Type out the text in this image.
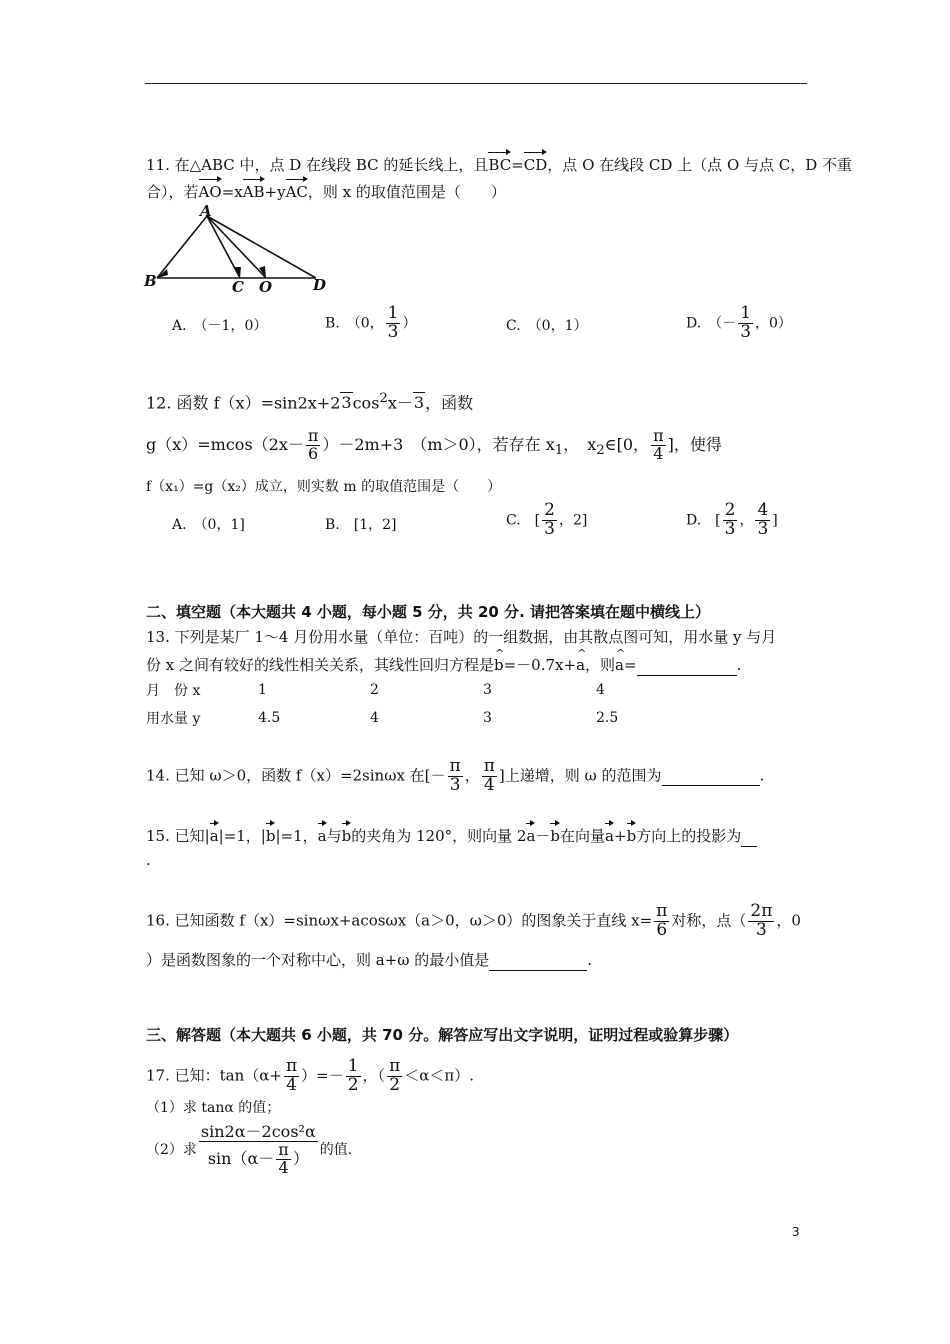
11. 在△ABC 中，点 D 在线段 BC 的延长线上，且BC=CD，点 O 在线段 CD 上（点 O 与点 C，D 不重
合），若AO=xAB+yAC，则 x 的取值范围是（　　）
A
B	C O	D
A.　（－1，0）	B.　（0， $\frac{1}{3}$ ）	C.　（0，1）	D.　（－ $\frac{1}{3}$ ，0）
12. 函数 $f(x)=\sin 2x+23\cos^2x-3$，函数
$g(x)=mcos(2x- \frac{\pi}{6} )-2m+3$　（m＞0），若存在 $x_1$，　$x_2\in[0$， $\frac{\pi}{4}$ ]，使得
f（x₁）=g（x₂）成立，则实数 m 的取值范围是（　　）
A.　（0，1]	B.　[1，2]	C.　[ $\frac{2}{3}$ ，2]	D.　[ $\frac{2}{3}$ ， $\frac{4}{3}$ ]
二、填空题（本大题共 4 小题，每小题 5 分，共 20 分. 请把答案填在题中横线上）
13. 下列是某厂 1～4 月份用水量（单位：百吨）的一组数据，由其散点图可知，用水量 y 与月
份 x 之间有较好的线性相关关系，其线性回归方程是^ b=－0.7x+^ a，则^ a=	.
月　份 x	1	2	3	4
用水量 y	4.5	4	3	2.5
14. 已知 ω＞0，函数 f（x）=2sinωx 在[－ $\frac{\pi}{3}$ ， $\frac{\pi}{4}$ ]上递增，则 ω 的范围为	.
15. 已知|a|=1，|b|=1，a与b的夹角为 120°，则向量 2a－b在向量a+b方向上的投影为
.
16. 已知函数 f（x）=sinωx+acosωx（a＞0，ω＞0）的图象关于直线 $x= \frac{\pi}{6}$ 对称，点（ $\frac{2\pi}{3}$ ，0
）是函数图象的一个对称中心，则 a+ω 的最小值是	.
三、解答题（本大题共 6 小题，共 70 分。解答应写出文字说明，证明过程或验算步骤）
17. 已知：$\tan(\alpha+ \frac{\pi}{4}$ ）=－ $\frac{1}{2}$ ，（ $\frac{\pi}{2} <\alpha<\pi$）.
（1）求 tanα 的值；
（2）求 $\frac{\text{sin2α－2cos²α}}{\sin(\alpha- \frac{\pi}{4} )}$ 的值.
3
